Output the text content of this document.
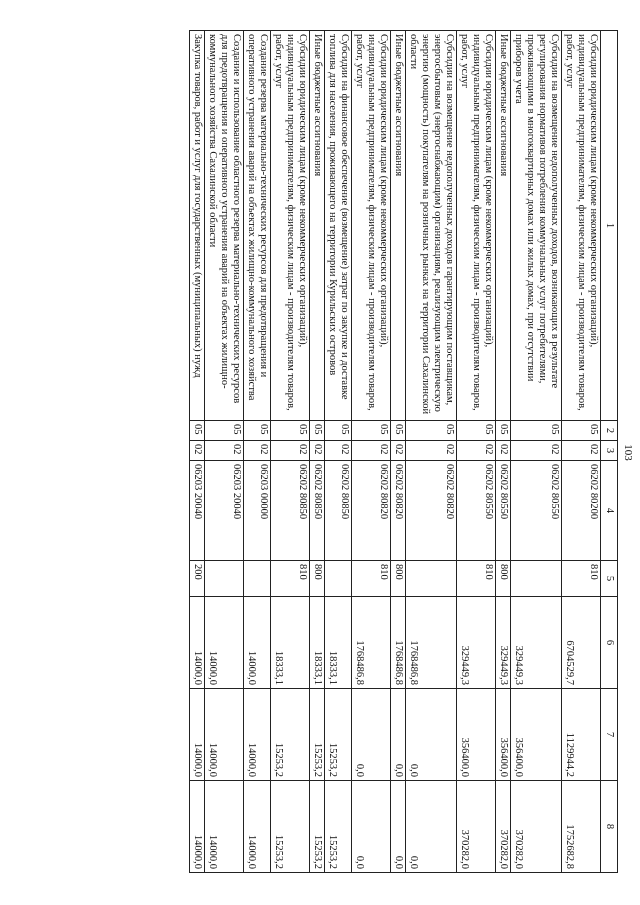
103
1	2	3	4	5	6	7	8
Субсидии юридическим лицам (кроме некоммерческих организаций), индивидуальным предпринимателям, физическим лицам - производителям товаров, работ, услуг	05	02	06202 80200	810	6704529,7	1129944,2	1752682,8
Субсидии на возмещение недополученных доходов, возникающих в результате регулирования нормативов потребления коммунальных услуг потребителями, проживающими в многоквартирных домах или жилых домах, при отсутствии приборов учета	05	02	06202 80550		329449,3	356400,0	370282,0
Иные бюджетные ассигнования	05	02	06202 80550	800	329449,3	356400,0	370282,0
Субсидии юридическим лицам (кроме некоммерческих организаций), индивидуальным предпринимателям, физическим лицам - производителям товаров, работ, услуг	05	02	06202 80550	810	329449,3	356400,0	370282,0
Субсидии на возмещение недополученных доходов гарантирующим поставщикам, энергосбытовым (энергоснабжающим) организациям, реализующим электрическую энергию (мощность) покупателям на розничных рынках на территории Сахалинской области	05	02	06202 80820		1768486,8	0,0	0,0
Иные бюджетные ассигнования	05	02	06202 80820	800	1768486,8	0,0	0,0
Субсидии юридическим лицам (кроме некоммерческих организаций), индивидуальным предпринимателям, физическим лицам - производителям товаров, работ, услуг	05	02	06202 80820	810	1768486,8	0,0	0,0
Субсидии на финансовое обеспечение (возмещение) затрат по закупке и доставке топлива для населения, проживающего на территории Курильских островов	05	02	06202 80850		18333,1	15253,2	15253,2
Иные бюджетные ассигнования	05	02	06202 80850	800	18333,1	15253,2	15253,2
Субсидии юридическим лицам (кроме некоммерческих организаций), индивидуальным предпринимателям, физическим лицам - производителям товаров, работ, услуг	05	02	06202 80850	810	18333,1	15253,2	15253,2
Создание резерва материально-технических ресурсов для предотвращения и оперативного устранения аварий на объектах жилищно-коммунального хозяйства	05	02	06203 00000		14000,0	14000,0	14000,0
Создание и использование областного резерва материально-технических ресурсов для предотвращения и оперативного устранения аварий на объектах жилищно-коммунального хозяйства Сахалинской области	05	02	06203 20040		14000,0	14000,0	14000,0
Закупка товаров, работ и услуг для государственных (муниципальных) нужд	05	02	06203 20040	200	14000,0	14000,0	14000,0
